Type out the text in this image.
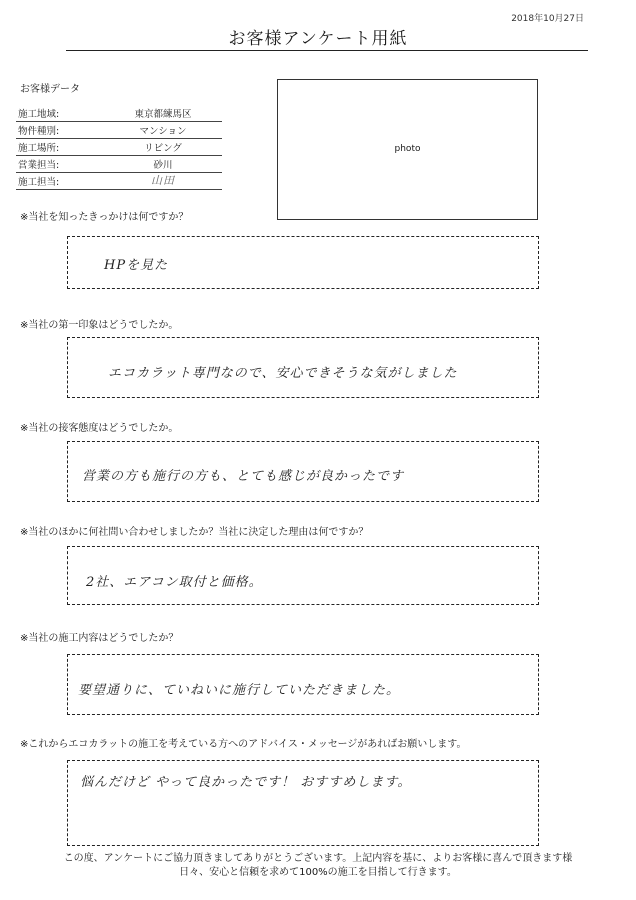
2018年10月27日
お客様アンケート用紙
お客様データ
施工地域:	東京都練馬区
物件種別:	マンション
施工場所:	リビング
営業担当:	砂川
施工担当:	山田
photo
※当社を知ったきっかけは何ですか？
HPを見た
※当社の第一印象はどうでしたか。
エコカラット専門なので、安心できそうな気がしました
※当社の接客態度はどうでしたか。
営業の方も施行の方も、とても感じが良かったです
※当社のほかに何社問い合わせしましたか？当社に決定した理由は何ですか？
2社、エアコン取付と価格。
※当社の施工内容はどうでしたか？
要望通りに、ていねいに施行していただきました。
※これからエコカラットの施工を考えている方へのアドバイス・メッセージがあればお願いします。
悩んだけど やって良かったです！ おすすめします。
この度、アンケートにご協力頂きましてありがとうございます。上記内容を基に、よりお客様に喜んで頂きます様
日々、安心と信頼を求めて100%の施工を目指して行きます。
